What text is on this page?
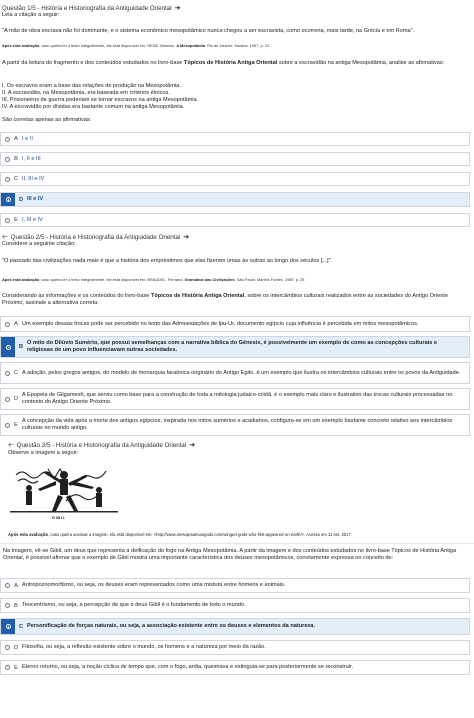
Questão 1/5 - História e Historiografia da Antiguidade Oriental ➔
Leia a citação a seguir:
"A mão de obra escrava não foi dominante, e o sistema econômico mesopotâmico nunca chegou a ser escravista, como ocorreria, mais tarde, na Grécia e em Roma".
Após esta avaliação, caso queira ler o texto integralmente, ele está disponível em: REDE, Marcelo. A Mesopotâmia. Rio de Janeiro: Saraiva, 1997. p. 22.
A partir da leitura do fragmento e dos conteúdos estudados no livro-base Tópicos de História Antiga Oriental sobre a escravidão na antiga Mesopotâmia, analise as afirmativas:
I. Os escravos eram a base das relações de produção na Mesopotâmia.
II. A escravidão, na Mesopotâmia, era baseada em critérios étnicos.
III. Prisioneiros de guerra poderiam se tornar escravos na antiga Mesopotâmia.
IV. A escravidão por dívidas era bastante comum na antiga Mesopotâmia.
São corretas apenas as afirmativas:
A I e II
B I, II e III
C II, III e IV
D III e IV
E I, III e IV
🡠 Questão 2/5 - História e Historiografia da Antiguidade Oriental ➔
Considere a seguinte citação:
"O passado das civilizações nada mais é que a história dos empréstimos que elas fizeram umas às outras ao longo dos séculos [...]".
Após esta avaliação, caso queira ler o texto integralmente, ele está disponível em: BRAUDEL, Fernand. Gramática das Civilizações. São Paulo: Martins Fontes, 1989. p. 29.
Considerando as informações e os conteúdos do livro-base Tópicos de História Antiga Oriental, sobre os intercâmbios culturais realizados entre as sociedades do Antigo Oriente Próximo, assinale a alternativa correta:
A Um exemplo dessas trocas pode ser percebido no texto das Admoestações de Ipu-Ur, documento egípcio cuja influência é percebida em mitos mesopotâmicos.
B
O mito do Dilúvio Sumério, que possui semelhanças com a narrativa bíblica do Gênesis, é possivelmente um exemplo de como as concepções culturais e religiosas de um povo influenciavam outras sociedades.
C A adoção, pelos gregos antigos, do modelo de monarquia faraônica originário do Antigo Egito, é um exemplo que ilustra os intercâmbios culturais entre os povos da Antiguidade.
D
A Epopeia de Gilgamesh, que serviu como base para a construção de toda a mitologia judaico-cristã, é o exemplo mais claro e ilustrativo das trocas culturais processadas no contexto do Antigo Oriente Próximo.
E
A concepção da vida após a morte dos antigos egípcios, inspirada nos mitos sumérios e acadianos, configura-se em um exemplo bastante concreto relativo aos intercâmbios culturais no mundo antigo.
🡠 Questão 3/5 - História e Historiografia da Antiguidade Oriental ➔
Observe a imagem a seguir:
GIBIL
Após esta avaliação, caso queira acessar a imagem, ela está disponível em: <http://www.mesopotamiangods.com/winged-gods-who-first-appeared-on-earth/>. Acesso em 11 set. 2017.
Na imagem, vê-se Gibil, um deus que representa a deificação do fogo na Antiga Mesopotâmia. A partir da imagem e dos conteúdos estudados no livro-base Tópicos de História Antiga Oriental, é possível afirmar que o exemplo de Gibil mostra uma importante característica dos deuses mesopotâmicos, corretamente expressa no conceito de:
A Antropozoomorfismo, ou seja, os deuses eram representados como uma mistura entre homens e animais.
B Teocentrismo, ou seja, a percepção de que o deus Gibil é o fundamento de todo o mundo.
C Personificação de forças naturais, ou seja, a associação existente entre os deuses e elementos da natureza.
D Filosofia, ou seja, a reflexão existente sobre o mundo, os homens e a natureza por meio da razão.
E Eterno retorno, ou seja, a noção cíclica de tempo que, com o fogo, ardia, queimava e extinguia-se para posteriormente se reconstruir.
